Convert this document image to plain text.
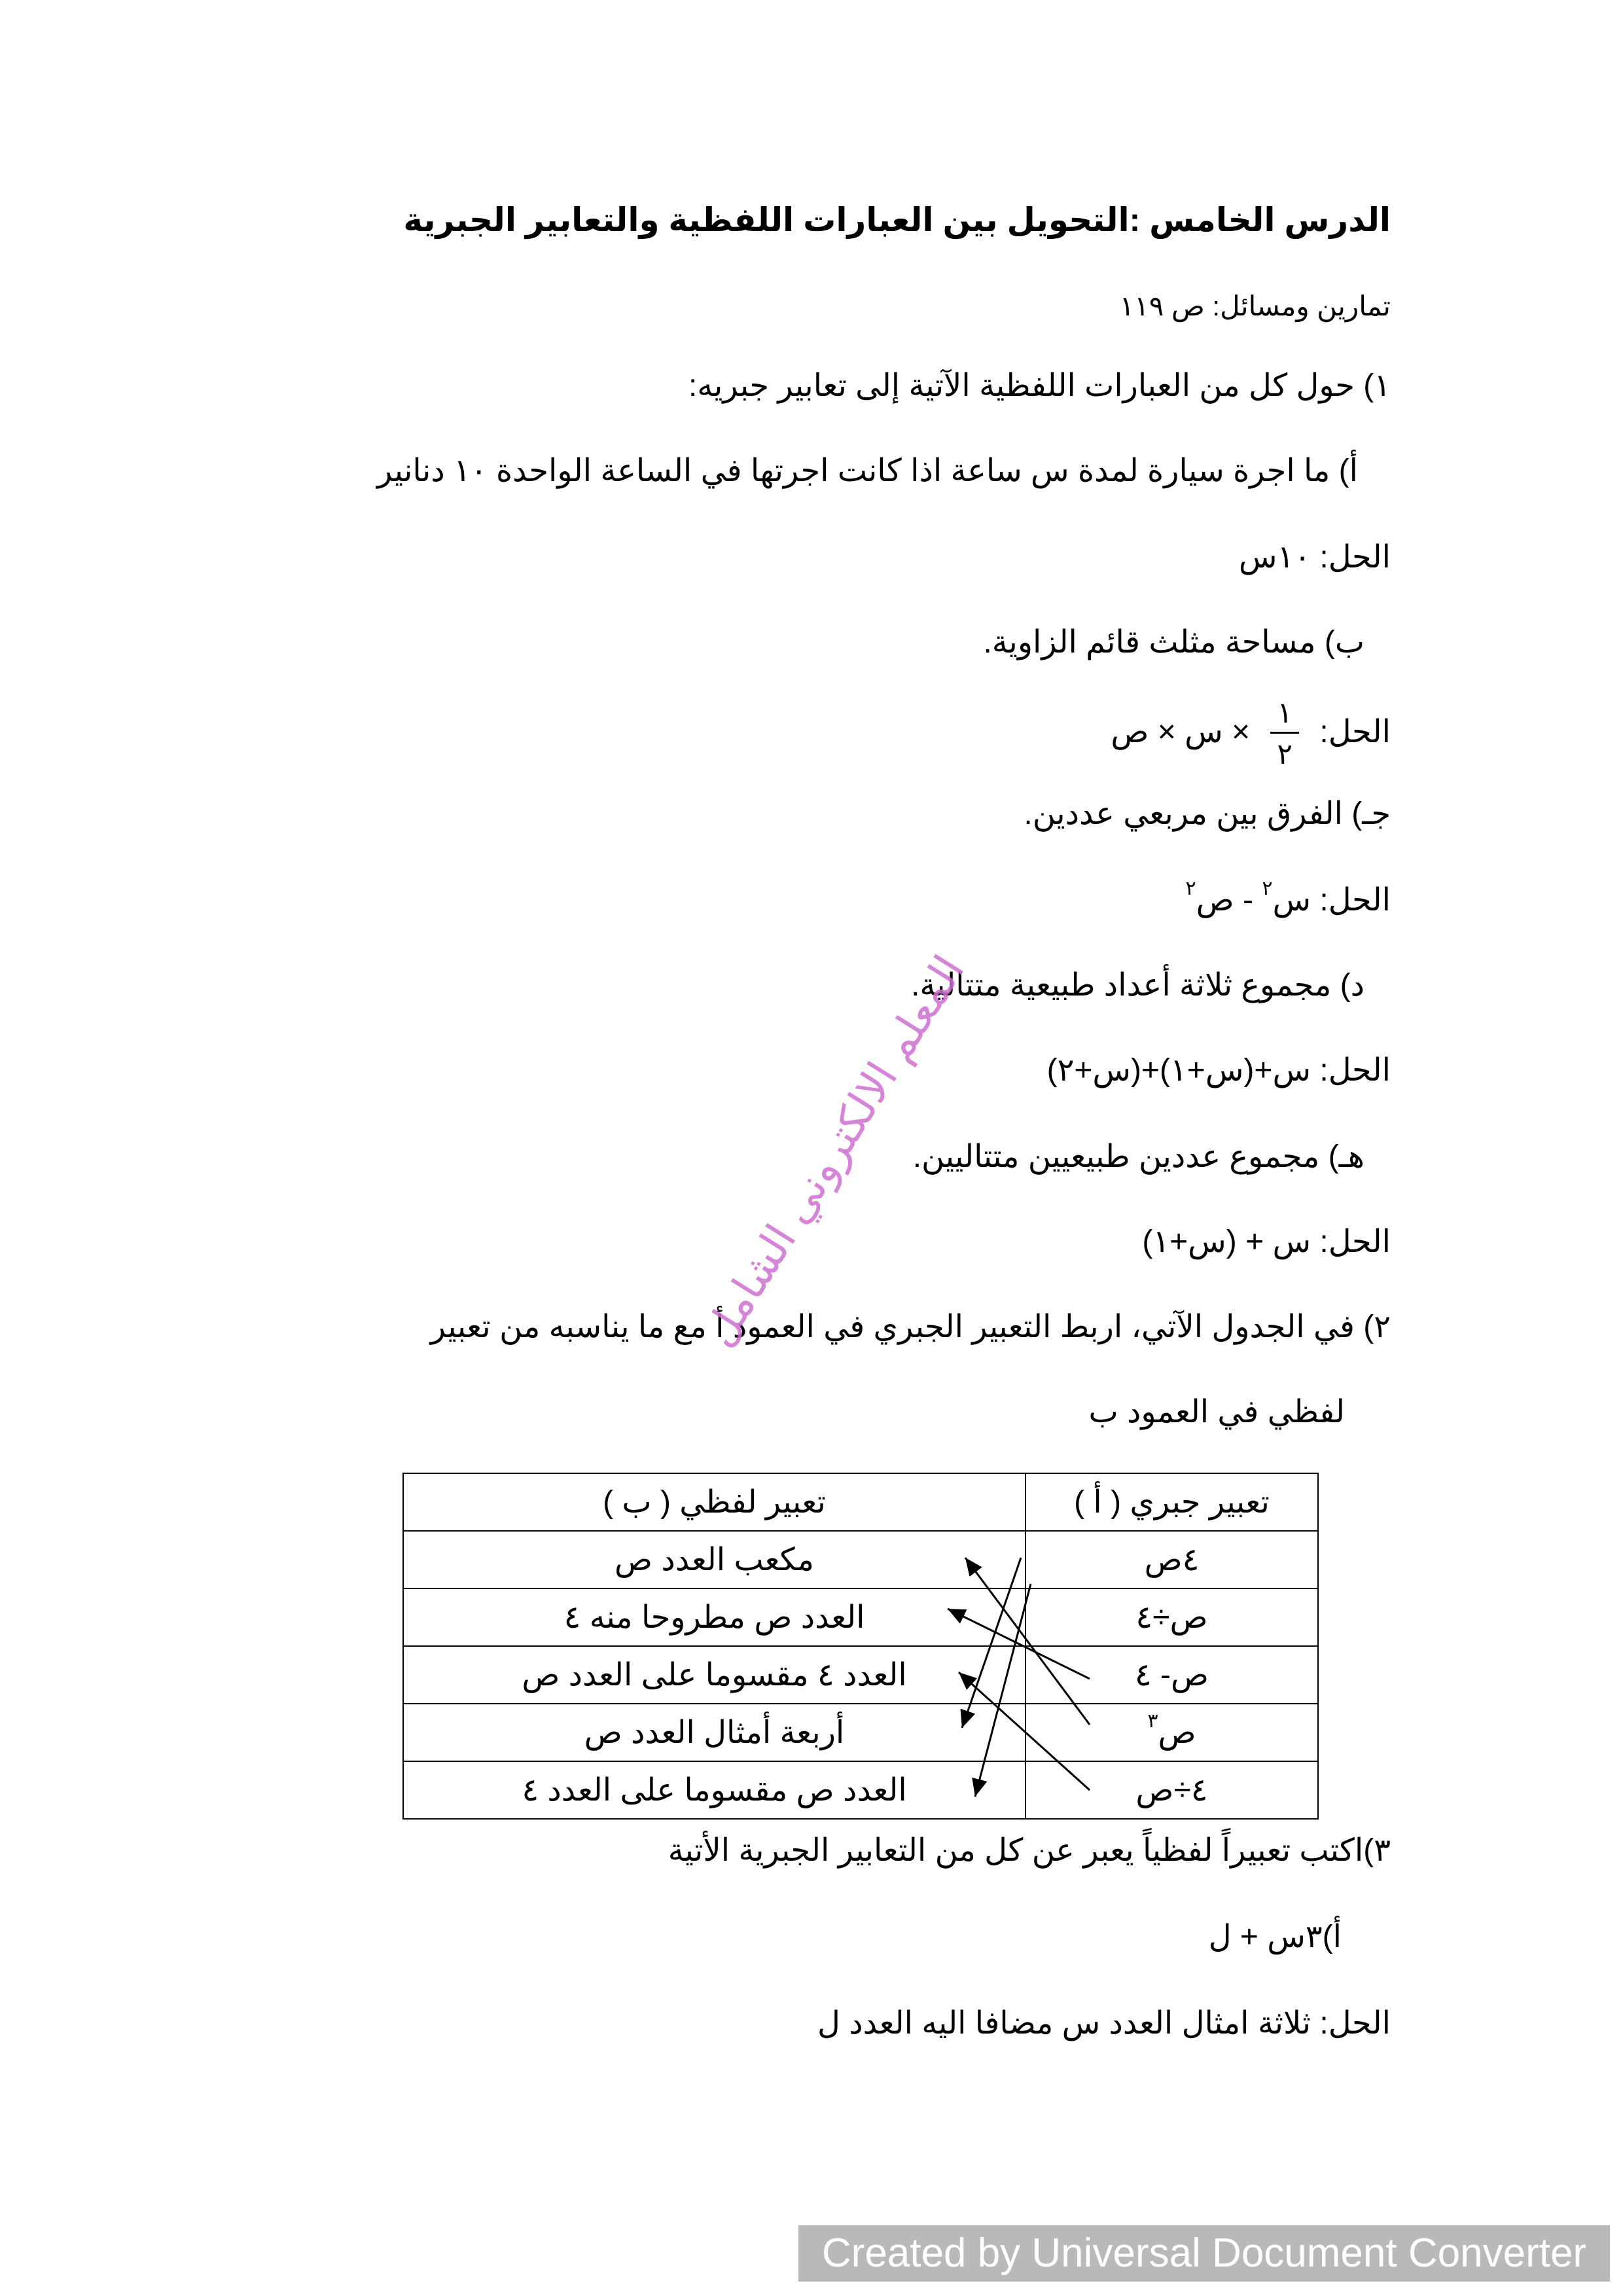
الدرس الخامس :التحويل بين العبارات اللفظية والتعابير الجبرية
تمارين ومسائل: ص ١١٩
١) حول كل من العبارات اللفظية الآتية إلى تعابير جبريه:
أ) ما اجرة سيارة لمدة س ساعة اذا كانت اجرتها في الساعة الواحدة ١٠ دنانير
الحل: ١٠س
ب) مساحة مثلث قائم الزاوية.
الحل:
$\frac{١}{٢}$
× س × ص
جـ) الفرق بين مربعي عددين.
الحل: س$^٢$ - ص$^٢$
د) مجموع ثلاثة أعداد طبيعية متتالية.
الحل: س+(س+١)+(س+٢)
هـ) مجموع عددين طبيعيين متتاليين.
الحل: س + (س+١)
٢) في الجدول الآتي، اربط التعبير الجبري في العمود أ مع ما يناسبه من تعبير
لفظي في العمود ب
تعبير جبري ( أ )	تعبير لفظي ( ب )
٤ص	مكعب العدد ص
ص÷٤	العدد ص مطروحا منه ٤
ص- ٤	العدد ٤ مقسوما على العدد ص
ص$^٣$	أربعة أمثال العدد ص
٤÷ص	العدد ص مقسوما على العدد ٤
٣)اكتب تعبيراً لفظياً يعبر عن كل من التعابير الجبرية الأتية
أ)٣س + ل
الحل: ثلاثة امثال العدد س مضافا اليه العدد ل
المعلم الالكتروني الشامل
Created by Universal Document Converter
